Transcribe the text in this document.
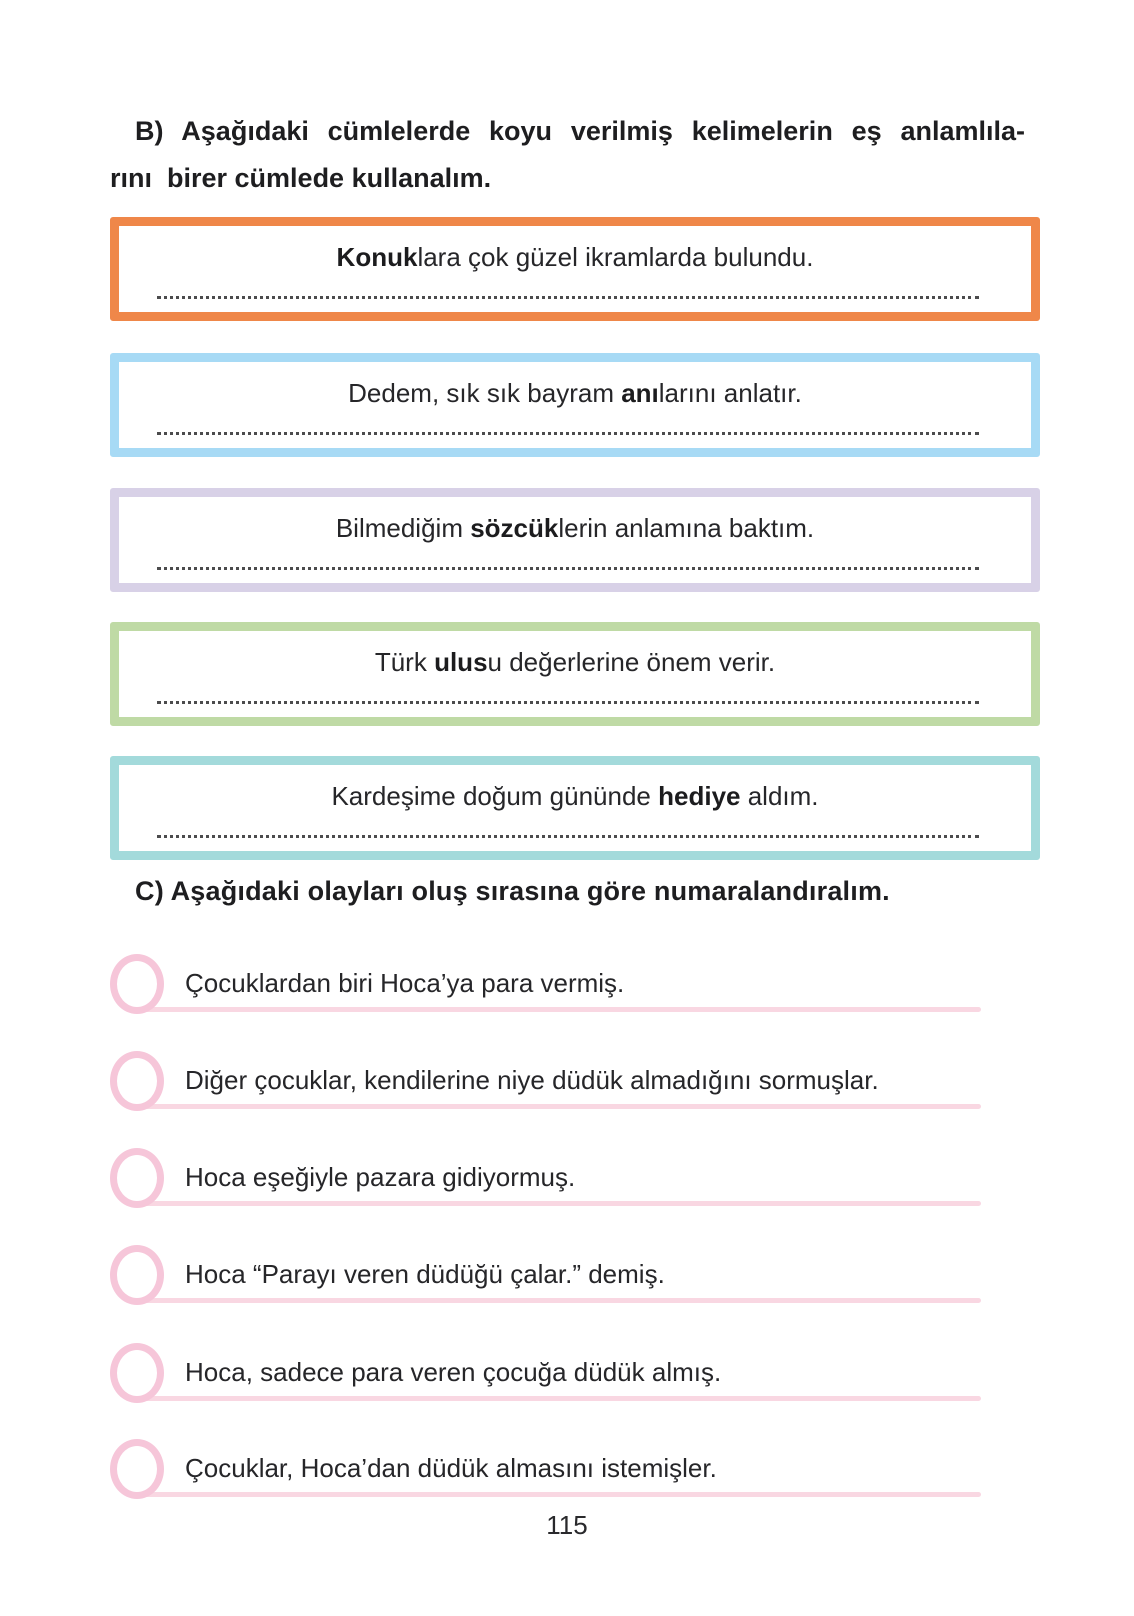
B) Aşağıdaki cümlelerde koyu verilmiş kelimelerin eş anlamlıla-
rını  birer cümlede kullanalım.
Konuklara çok güzel ikramlarda bulundu.
Dedem, sık sık bayram anılarını anlatır.
Bilmediğim sözcüklerin anlamına baktım.
Türk ulusu değerlerine önem verir.
Kardeşime doğum gününde hediye aldım.
C) Aşağıdaki olayları oluş sırasına göre numaralandıralım.
Çocuklardan biri Hoca’ya para vermiş.
Diğer çocuklar, kendilerine niye düdük almadığını sormuşlar.
Hoca eşeğiyle pazara gidiyormuş.
Hoca “Parayı veren düdüğü çalar.” demiş.
Hoca, sadece para veren çocuğa düdük almış.
Çocuklar, Hoca’dan düdük almasını istemişler.
115
